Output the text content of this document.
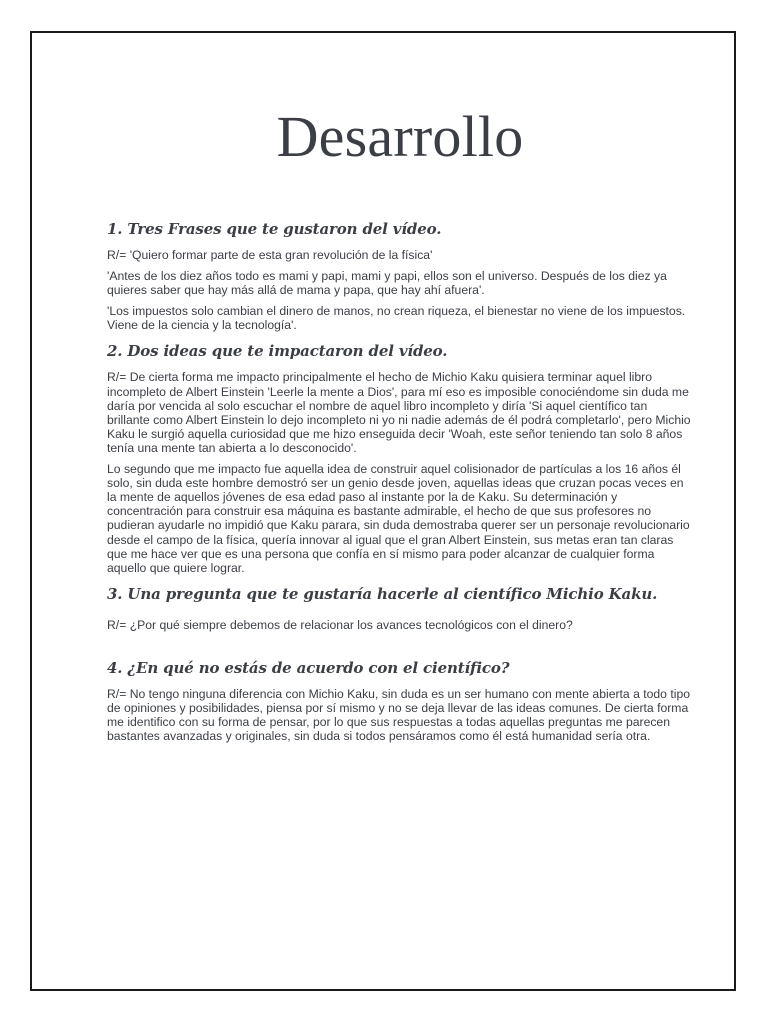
Desarrollo
1. Tres Frases que te gustaron del vídeo.

R/= 'Quiero formar parte de esta gran revolución de la física'

'Antes de los diez años todo es mami y papi, mami y papi, ellos son el universo. Después de los diez ya quieres saber que hay más allá de mama y papa, que hay ahí afuera'.

'Los impuestos solo cambian el dinero de manos, no crean riqueza, el bienestar no viene de los impuestos. Viene de la ciencia y la tecnología'.

2. Dos ideas que te impactaron del vídeo.

R/= De cierta forma me impacto principalmente el hecho de Michio Kaku quisiera terminar aquel libro incompleto de Albert Einstein 'Leerle la mente a Dios', para mí eso es imposible conociéndome sin duda me daría por vencida al solo escuchar el nombre de aquel libro incompleto y diría 'Si aquel científico tan brillante como Albert Einstein lo dejo incompleto ni yo ni nadie además de él podrá completarlo', pero Michio Kaku le surgió aquella curiosidad que me hizo enseguida decir 'Woah, este señor teniendo tan solo 8 años tenía una mente tan abierta a lo desconocido'.

Lo segundo que me impacto fue aquella idea de construir aquel colisionador de partículas a los 16 años él solo, sin duda este hombre demostró ser un genio desde joven, aquellas ideas que cruzan pocas veces en la mente de aquellos jóvenes de esa edad paso al instante por la de Kaku. Su determinación y concentración para construir esa máquina es bastante admirable, el hecho de que sus profesores no pudieran ayudarle no impidió que Kaku parara, sin duda demostraba querer ser un personaje revolucionario desde el campo de la física, quería innovar al igual que el gran Albert Einstein, sus metas eran tan claras que me hace ver que es una persona que confía en sí mismo para poder alcanzar de cualquier forma aquello que quiere lograr.

3. Una pregunta que te gustaría hacerle al científico Michio Kaku.

R/= ¿Por qué siempre debemos de relacionar los avances tecnológicos con el dinero?

4. ¿En qué no estás de acuerdo con el científico?

R/= No tengo ninguna diferencia con Michio Kaku, sin duda es un ser humano con mente abierta a todo tipo de opiniones y posibilidades, piensa por sí mismo y no se deja llevar de las ideas comunes. De cierta forma me identifico con su forma de pensar, por lo que sus respuestas a todas aquellas preguntas me parecen bastantes avanzadas y originales, sin duda si todos pensáramos como él está humanidad sería otra.
